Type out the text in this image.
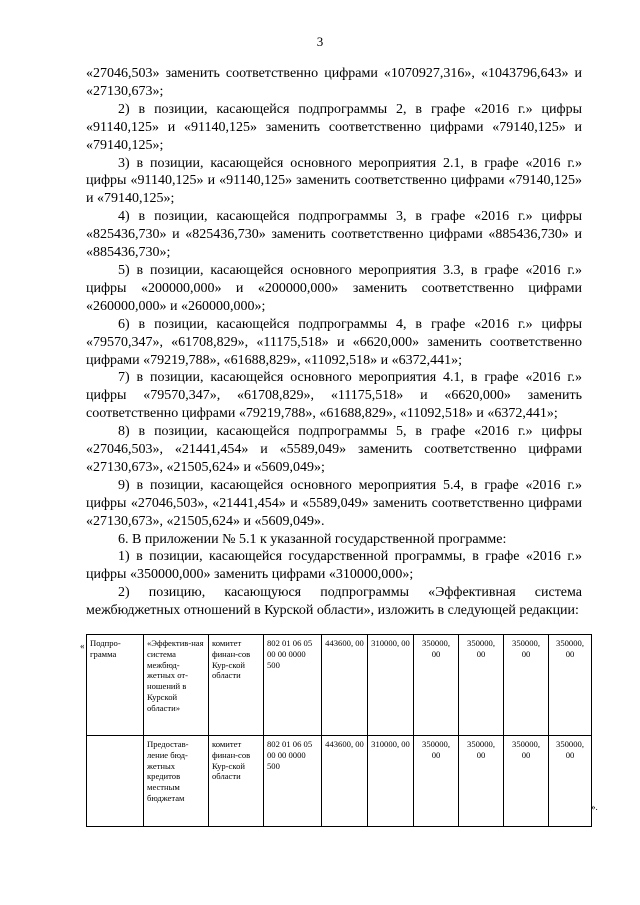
3

«27046,503» заменить соответственно цифрами «1070927,316», «1043796,643» и «27130,673»;

2) в позиции, касающейся подпрограммы 2, в графе «2016 г.» цифры «91140,125» и «91140,125» заменить соответственно цифрами «79140,125» и «79140,125»;

3) в позиции, касающейся основного мероприятия 2.1, в графе «2016 г.» цифры «91140,125» и «91140,125» заменить соответственно цифрами «79140,125» и «79140,125»;

4) в позиции, касающейся подпрограммы 3, в графе «2016 г.» цифры «825436,730» и «825436,730» заменить соответственно цифрами «885436,730» и «885436,730»;

5) в позиции, касающейся основного мероприятия 3.3, в графе «2016 г.» цифры «200000,000» и «200000,000» заменить соответственно цифрами «260000,000» и «260000,000»;

6) в позиции, касающейся подпрограммы 4, в графе «2016 г.» цифры «79570,347», «61708,829», «11175,518» и «6620,000» заменить соответственно цифрами «79219,788», «61688,829», «11092,518» и «6372,441»;

7) в позиции, касающейся основного мероприятия 4.1, в графе «2016 г.» цифры «79570,347», «61708,829», «11175,518» и «6620,000» заменить соответственно цифрами «79219,788», «61688,829», «11092,518» и «6372,441»;

8) в позиции, касающейся подпрограммы 5, в графе «2016 г.» цифры «27046,503», «21441,454» и «5589,049» заменить соответственно цифрами «27130,673», «21505,624» и «5609,049»;

9) в позиции, касающейся основного мероприятия 5.4, в графе «2016 г.» цифры «27046,503», «21441,454» и «5589,049» заменить соответственно цифрами «27130,673», «21505,624» и «5609,049».

6. В приложении № 5.1 к указанной государственной программе:

1) в позиции, касающейся государственной программы, в графе «2016 г.» цифры «350000,000» заменить цифрами «310000,000»;

2) позицию, касающуюся подпрограммы «Эффективная система межбюджетных отношений в Курской области», изложить в следующей редакции:

« Подпро-грамма	«Эффектив-ная система межбюд-жетных от-ношений в Курской области»	комитет финан-сов Кур-ской области	802 01 06 05 00 00 0000 500	443600, 00	310000, 00	350000, 00	350000, 00	350000, 00	350000, 00
	Предостав-ление бюд-жетных кредитов местным бюджетам	комитет финан-сов Кур-ской области	802 01 06 05 00 00 0000 500	443600, 00	310000, 00	350000, 00	350000, 00	350000, 00	350000, 00
».
